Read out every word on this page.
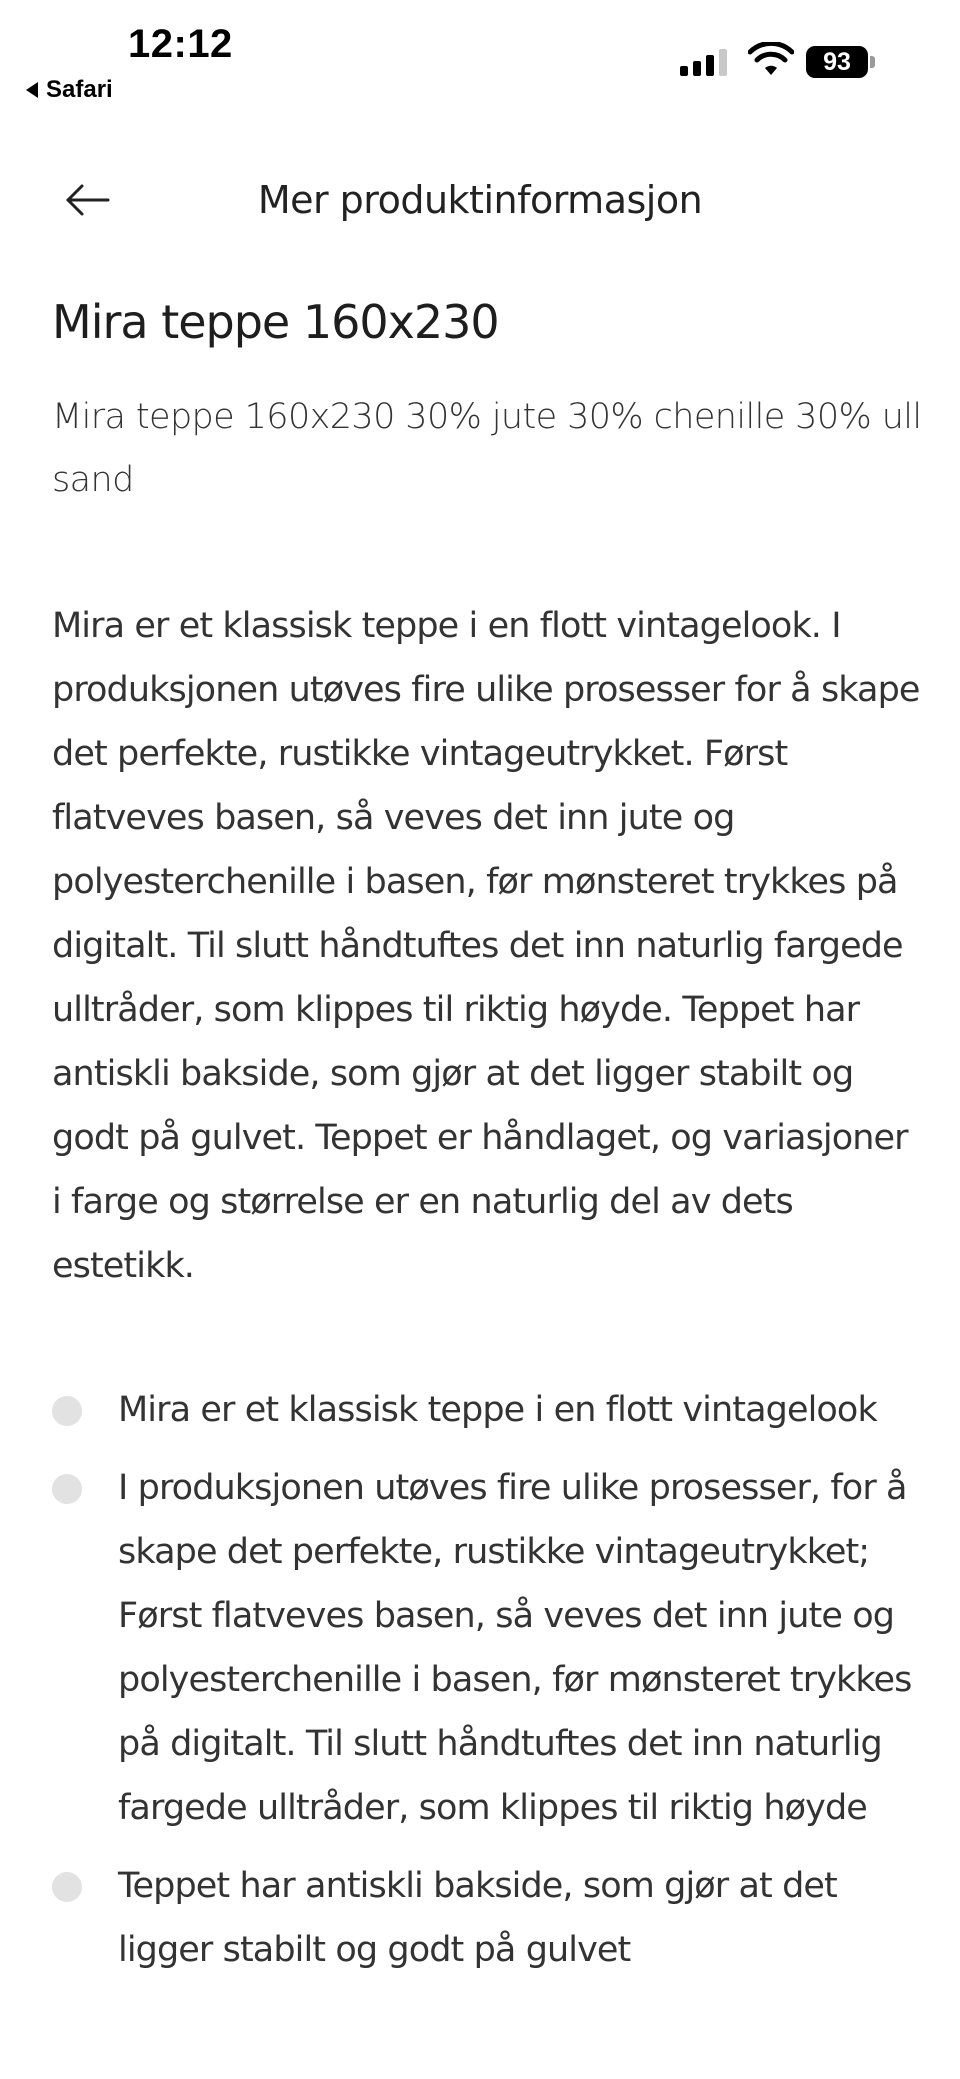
12:12
Safari
93
Mer produktinformasjon
Mira teppe 160x230

Mira teppe 160x230 30% jute 30% chenille 30% ull sand

Mira er et klassisk teppe i en flott vintagelook. I produksjonen utøves fire ulike prosesser for å skape det perfekte, rustikke vintageutrykket. Først flatveves basen, så veves det inn jute og polyesterchenille i basen, før mønsteret trykkes på digitalt. Til slutt håndtuftes det inn naturlig fargede ulltråder, som klippes til riktig høyde. Teppet har antiskli bakside, som gjør at det ligger stabilt og godt på gulvet. Teppet er håndlaget, og variasjoner i farge og størrelse er en naturlig del av dets estetikk.

Mira er et klassisk teppe i en flott vintagelook
I produksjonen utøves fire ulike prosesser, for å skape det perfekte, rustikke vintageutrykket; Først flatveves basen, så veves det inn jute og polyesterchenille i basen, før mønsteret trykkes på digitalt. Til slutt håndtuftes det inn naturlig fargede ulltråder, som klippes til riktig høyde
Teppet har antiskli bakside, som gjør at det ligger stabilt og godt på gulvet
